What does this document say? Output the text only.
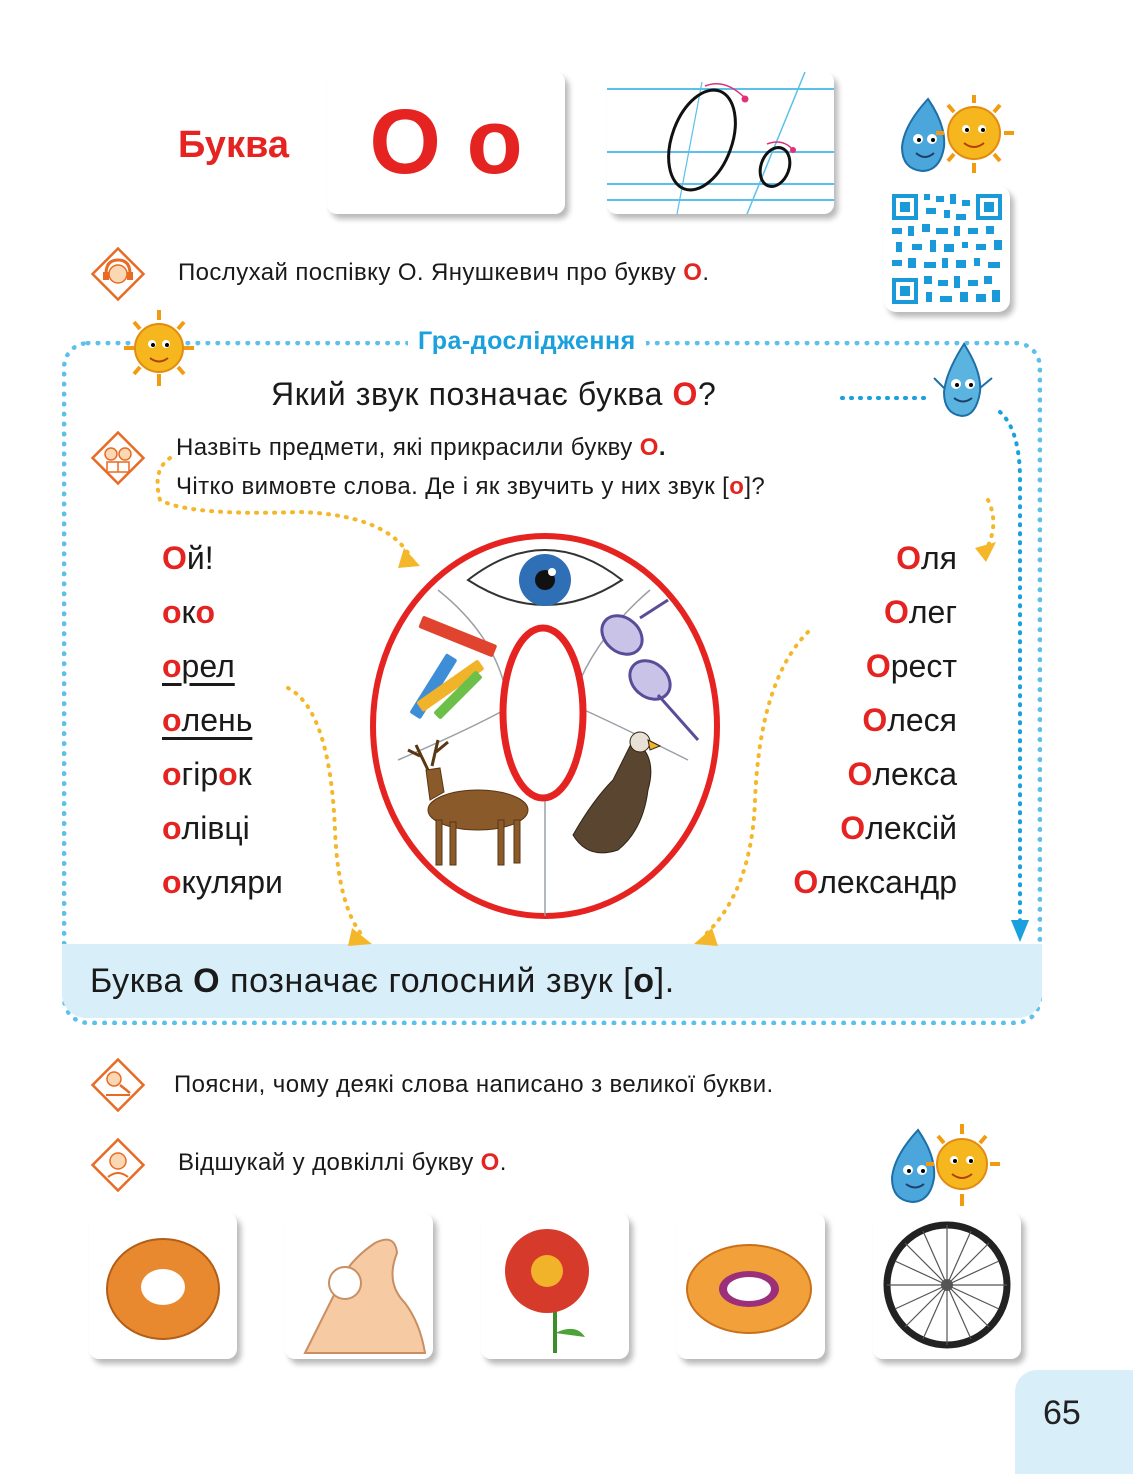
Буква О о
Послухай поспівку О. Янушкевич про букву О.
Гра-дослідження
Який звук позначає буква О?
Назвіть предмети, які прикрасили букву О.
Чітко вимовте слова. Де і як звучить у них звук [о]?
Ой!
око
орел
олень
огірок
олівці
окуляри
Оля
Олег
Орест
Олеся
Олекса
Олексій
Олександр
Буква О позначає голосний звук [о].
Поясни, чому деякі слова написано з великої букви.
Відшукай у довкіллі букву О.
65
